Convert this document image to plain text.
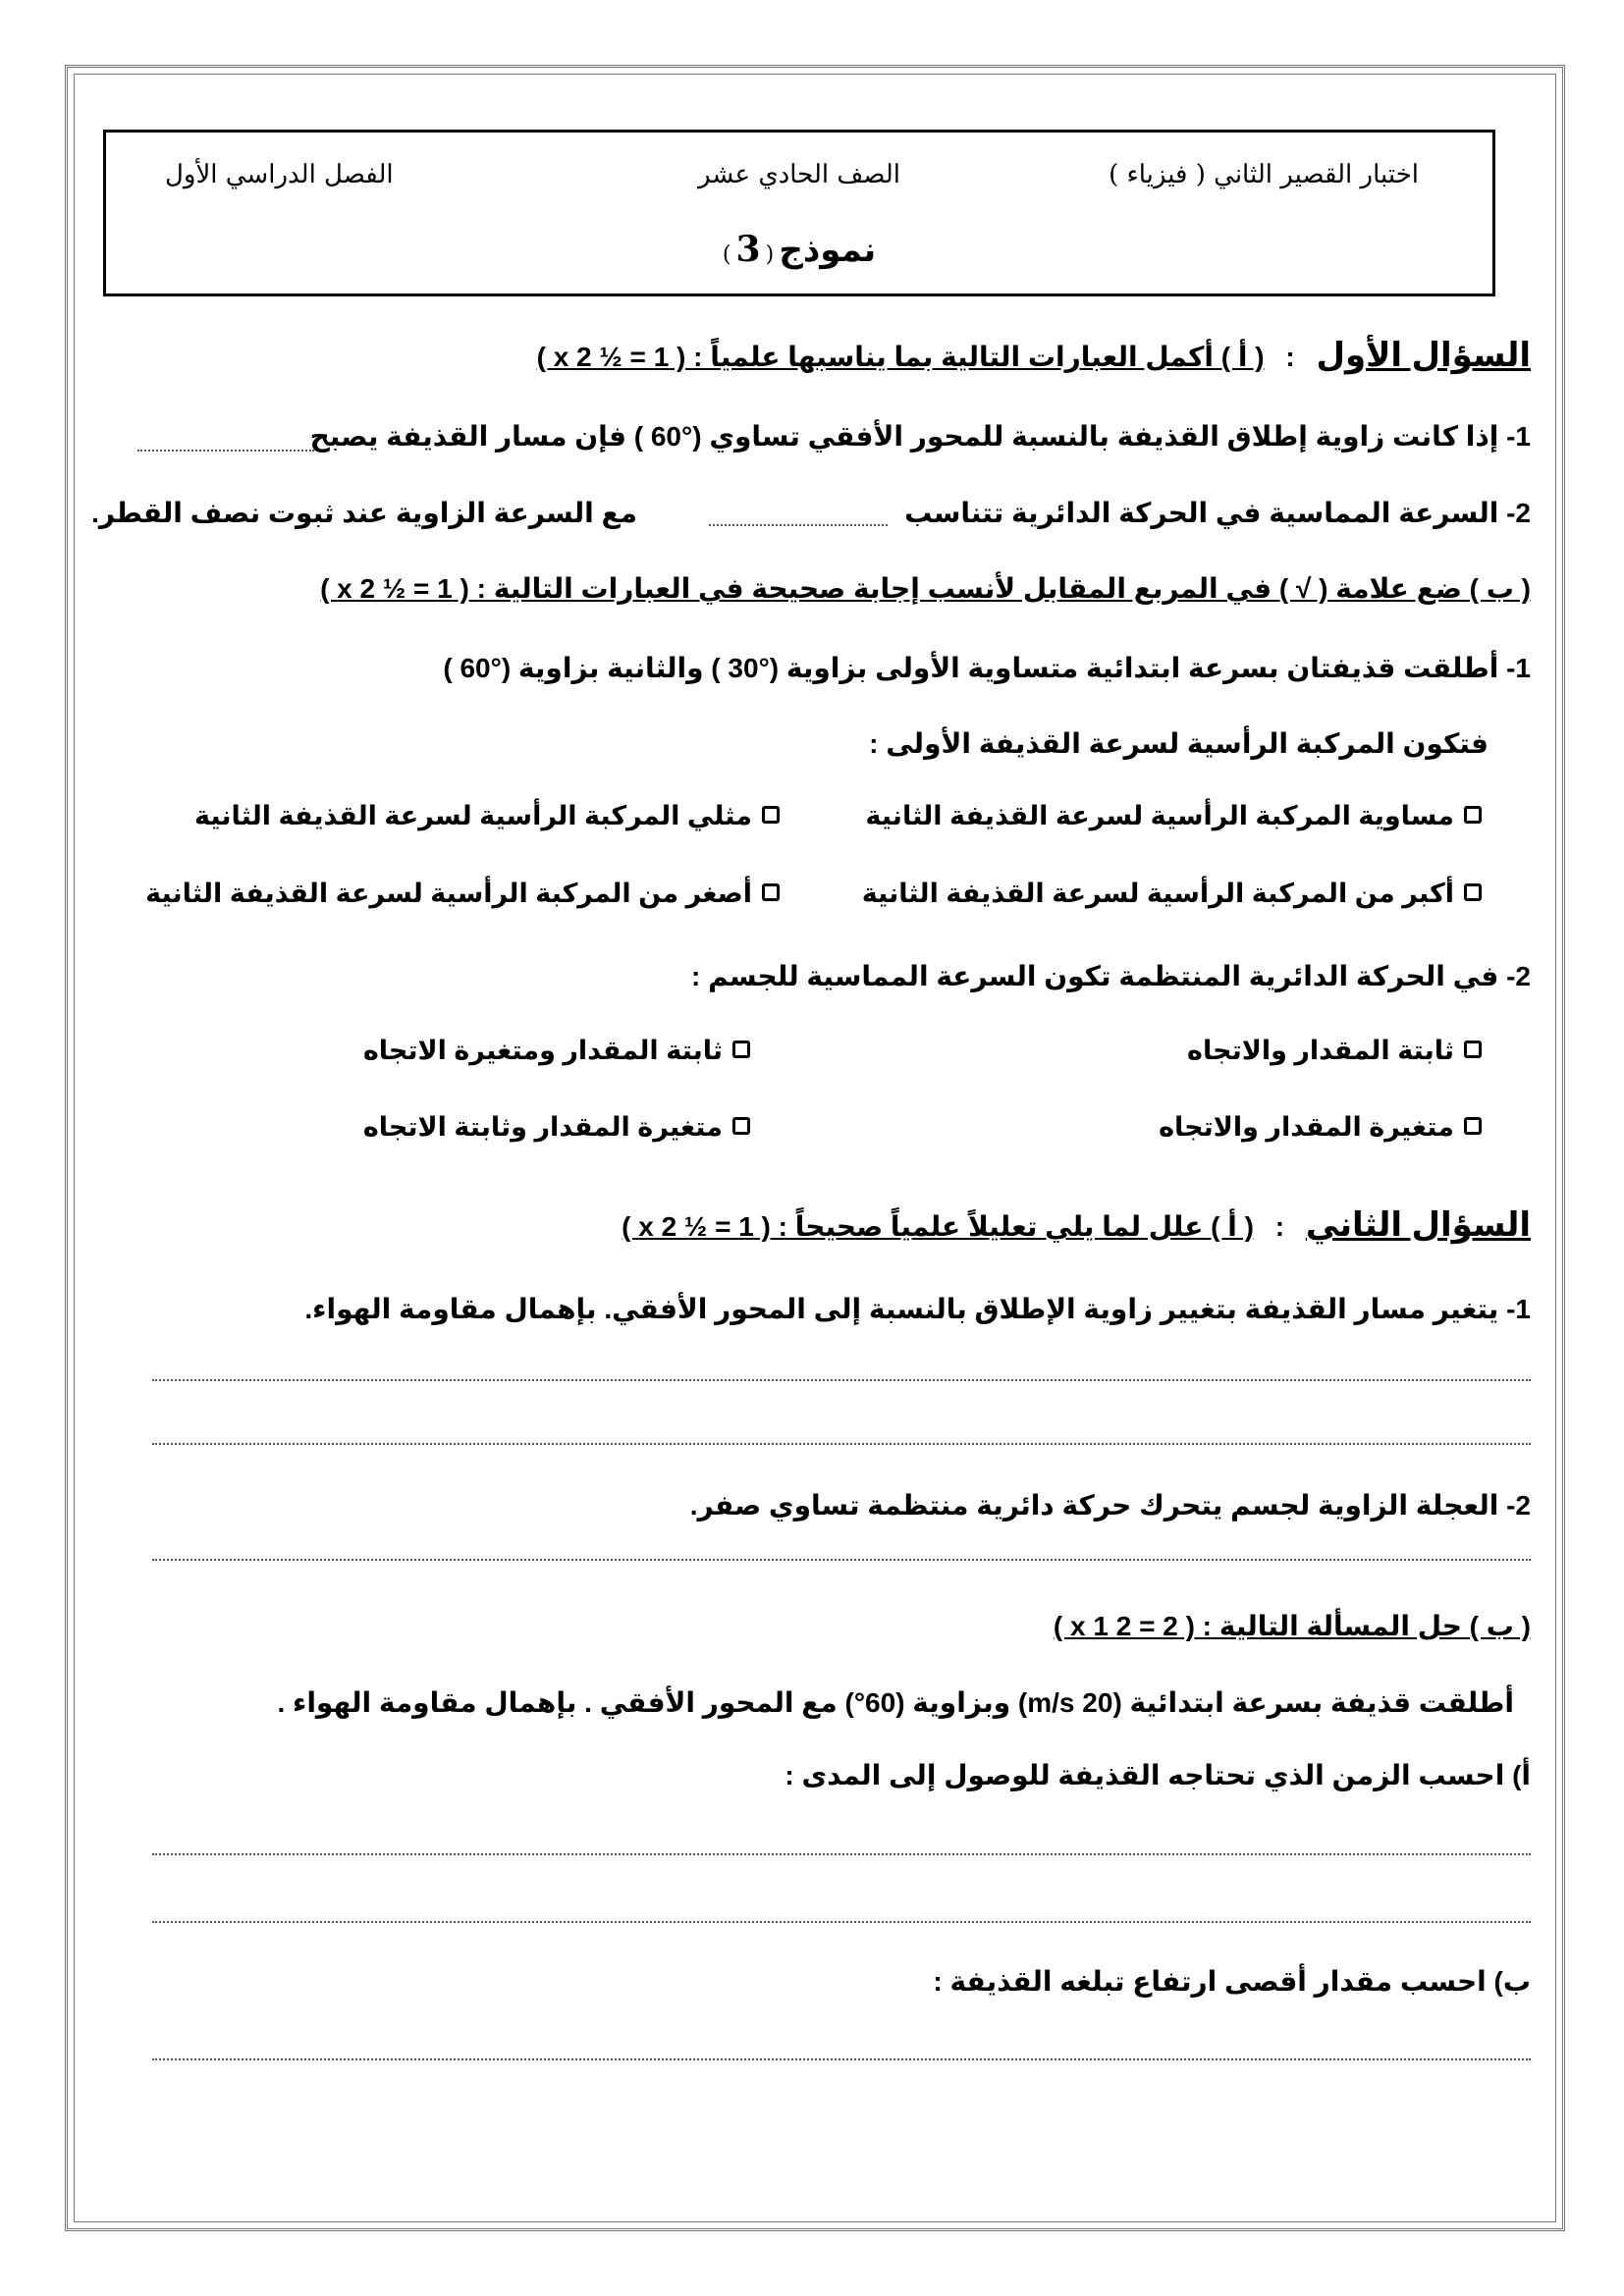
اختبار القصير الثاني ( فيزياء )
الصف الحادي عشر
الفصل الدراسي الأول
نموذج ( 3 )
السؤال الأول : ( أ ) أكمل العبارات التالية بما يناسبها علمياً : ( 1 = ½ x 2 )
1- إذا كانت زاوية إطلاق القذيفة بالنسبة للمحور الأفقي تساوي (°60 ) فإن مسار القذيفة يصبح
2- السرعة المماسية في الحركة الدائرية تتناسب
مع السرعة الزاوية عند ثبوت نصف القطر.
( ب ) ضع علامة ( √ ) في المربع المقابل لأنسب إجابة صحيحة في العبارات التالية : ( 1 = ½ x 2 )
1- أطلقت قذيفتان بسرعة ابتدائية متساوية الأولى بزاوية (°30 ) والثانية بزاوية (°60 )
فتكون المركبة الرأسية لسرعة القذيفة الأولى :
مساوية المركبة الرأسية لسرعة القذيفة الثانية
مثلي المركبة الرأسية لسرعة القذيفة الثانية
أكبر من المركبة الرأسية لسرعة القذيفة الثانية
أصغر من المركبة الرأسية لسرعة القذيفة الثانية
2- في الحركة الدائرية المنتظمة تكون السرعة المماسية للجسم :
ثابتة المقدار والاتجاه
ثابتة المقدار ومتغيرة الاتجاه
متغيرة المقدار والاتجاه
متغيرة المقدار وثابتة الاتجاه
السؤال الثاني : ( أ ) علل لما يلي تعليلاً علمياً صحيحاً : ( 1 = ½ x 2 )
1- يتغير مسار القذيفة بتغيير زاوية الإطلاق بالنسبة إلى المحور الأفقي. بإهمال مقاومة الهواء.
2- العجلة الزاوية لجسم يتحرك حركة دائرية منتظمة تساوي صفر.
( ب ) حل المسألة التالية : ( 2 = 2 x 1 )
أطلقت قذيفة بسرعة ابتدائية (20 m/s) وبزاوية (60°) مع المحور الأفقي . بإهمال مقاومة الهواء .
أ) احسب الزمن الذي تحتاجه القذيفة للوصول إلى المدى :
ب) احسب مقدار أقصى ارتفاع تبلغه القذيفة :
